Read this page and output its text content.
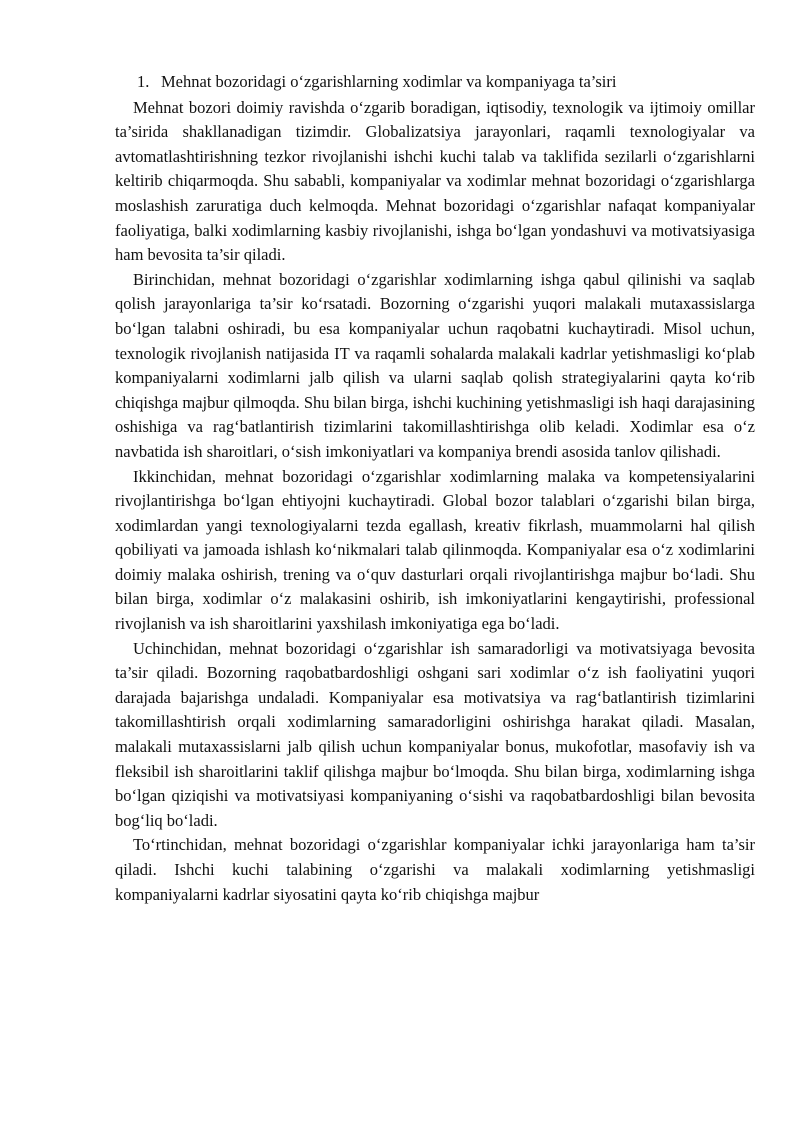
1. Mehnat bozoridagi o‘zgarishlarning xodimlar va kompaniyaga ta’siri

Mehnat bozori doimiy ravishda o‘zgarib boradigan, iqtisodiy, texnologik va ijtimoiy omillar ta’sirida shakllanadigan tizimdir. Globalizatsiya jarayonlari, raqamli texnologiyalar va avtomatlashtirishning tezkor rivojlanishi ishchi kuchi talab va taklifida sezilarli o‘zgarishlarni keltirib chiqarmoqda. Shu sababli, kompaniyalar va xodimlar mehnat bozoridagi o‘zgarishlarga moslashish zaruratiga duch kelmoqda. Mehnat bozoridagi o‘zgarishlar nafaqat kompaniyalar faoliyatiga, balki xodimlarning kasbiy rivojlanishi, ishga bo‘lgan yondashuvi va motivatsiyasiga ham bevosita ta’sir qiladi.

Birinchidan, mehnat bozoridagi o‘zgarishlar xodimlarning ishga qabul qilinishi va saqlab qolish jarayonlariga ta’sir ko‘rsatadi. Bozorning o‘zgarishi yuqori malakali mutaxassislarga bo‘lgan talabni oshiradi, bu esa kompaniyalar uchun raqobatni kuchaytiradi. Misol uchun, texnologik rivojlanish natijasida IT va raqamli sohalarda malakali kadrlar yetishmasligi ko‘plab kompaniyalarni xodimlarni jalb qilish va ularni saqlab qolish strategiyalarini qayta ko‘rib chiqishga majbur qilmoqda. Shu bilan birga, ishchi kuchining yetishmasligi ish haqi darajasining oshishiga va rag‘batlantirish tizimlarini takomillashtirishga olib keladi. Xodimlar esa o‘z navbatida ish sharoitlari, o‘sish imkoniyatlari va kompaniya brendi asosida tanlov qilishadi.

Ikkinchidan, mehnat bozoridagi o‘zgarishlar xodimlarning malaka va kompetensiyalarini rivojlantirishga bo‘lgan ehtiyojni kuchaytiradi. Global bozor talablari o‘zgarishi bilan birga, xodimlardan yangi texnologiyalarni tezda egallash, kreativ fikrlash, muammolarni hal qilish qobiliyati va jamoada ishlash ko‘nikmalari talab qilinmoqda. Kompaniyalar esa o‘z xodimlarini doimiy malaka oshirish, trening va o‘quv dasturlari orqali rivojlantirishga majbur bo‘ladi. Shu bilan birga, xodimlar o‘z malakasini oshirib, ish imkoniyatlarini kengaytirishi, professional rivojlanish va ish sharoitlarini yaxshilash imkoniyatiga ega bo‘ladi.

Uchinchidan, mehnat bozoridagi o‘zgarishlar ish samaradorligi va motivatsiyaga bevosita ta’sir qiladi. Bozorning raqobatbardoshligi oshgani sari xodimlar o‘z ish faoliyatini yuqori darajada bajarishga undaladi. Kompaniyalar esa motivatsiya va rag‘batlantirish tizimlarini takomillashtirish orqali xodimlarning samaradorligini oshirishga harakat qiladi. Masalan, malakali mutaxassislarni jalb qilish uchun kompaniyalar bonus, mukofotlar, masofaviy ish va fleksibil ish sharoitlarini taklif qilishga majbur bo‘lmoqda. Shu bilan birga, xodimlarning ishga bo‘lgan qiziqishi va motivatsiyasi kompaniyaning o‘sishi va raqobatbardoshligi bilan bevosita bog‘liq bo‘ladi.

To‘rtinchidan, mehnat bozoridagi o‘zgarishlar kompaniyalar ichki jarayonlariga ham ta’sir qiladi. Ishchi kuchi talabining o‘zgarishi va malakali xodimlarning yetishmasligi kompaniyalarni kadrlar siyosatini qayta ko‘rib chiqishga majbur
